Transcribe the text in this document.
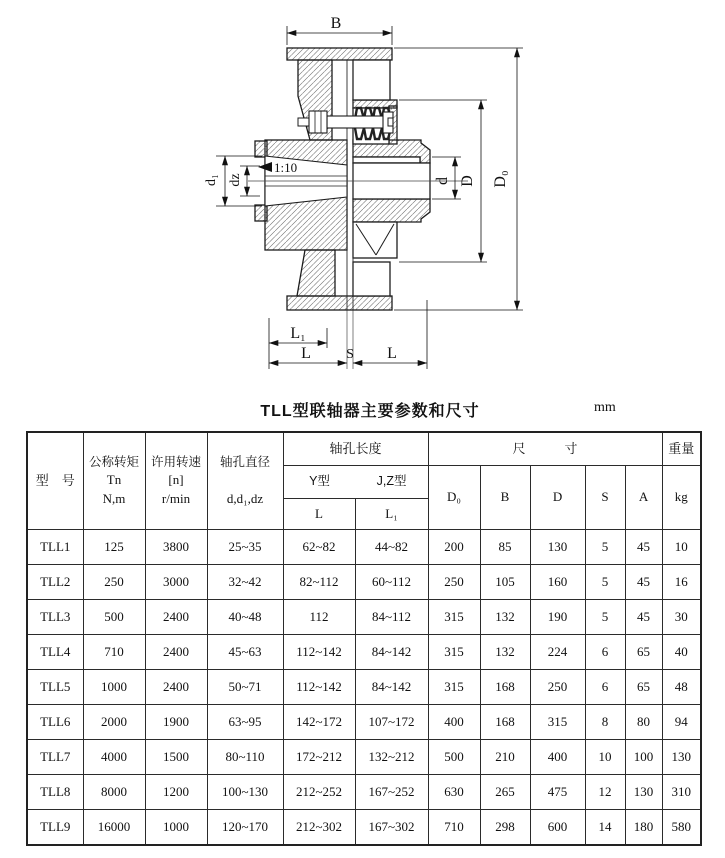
1:10
B
D₀
D
d
d₁ dz
L₁
L	S L
TLL型联轴器主要参数和尺寸	mm
型　号	
公称转矩
Tn
N,m

许用转速
[n]
r/min

轴孔直径

d,d₁,dz
	轴孔长度	尺　　　寸	重量

				Y型 J,Z型		D₀	B	D	S	A	kg
				L	L₁						
TLL1	125	3800	25~35	62~82	44~82	200	85	130	5	45	10
TLL2	250	3000	32~42	82~112	60~112	250	105	160	5	45	16
TLL3	500	2400	40~48	112	84~112	315	132	190	5	45	30
TLL4	710	2400	45~63	112~142	84~142	315	132	224	6	65	40
TLL5	1000	2400	50~71	112~142	84~142	315	168	250	6	65	48
TLL6	2000	1900	63~95	142~172	107~172	400	168	315	8	80	94
TLL7	4000	1500	80~110	172~212	132~212	500	210	400	10	100	130
TLL8	8000	1200	100~130	212~252	167~252	630	265	475	12	130	310
TLL9	16000	1000	120~170	212~302	167~302	710	298	600	14	180	580
